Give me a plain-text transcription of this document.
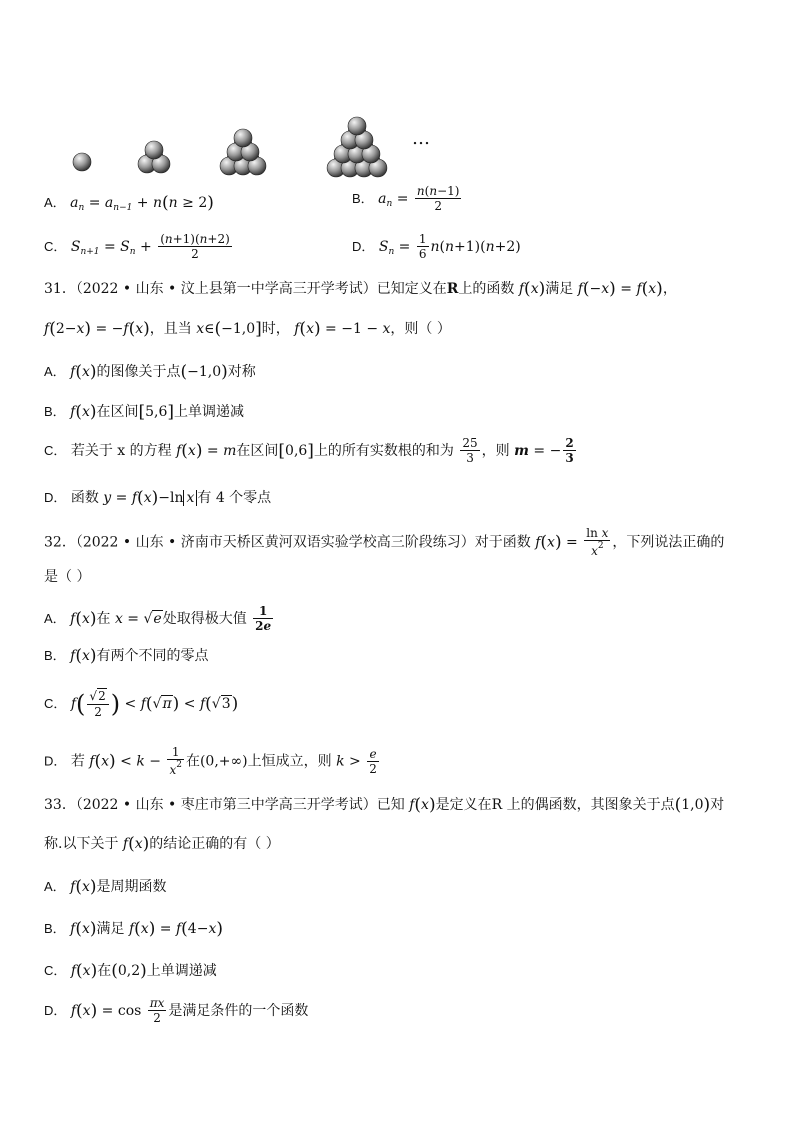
…
A． $a_n = a_{n-1} + n(n \ge 2)$	B． $a_n = \frac{n(n-1)}{2}$
C． $S_{n+1} = S_n + \frac{(n+1)(n+2)}{2}$	D． $S_n = \frac{1}{6} n(n+1)(n+2)$
31．（2022 • 山东 • 汶上县第一中学高三开学考试）已知定义在R上的函数 f(x)满足 f(−x) = f(x)，
f(2−x) = −f(x)，且当 x∈(−1,0]时， f(x) = −1 − x，则（ ）
A． f(x)的图像关于点(−1,0)对称
B． f(x)在区间[5,6]上单调递减
C． 若关于 x 的方程 f(x) = m在区间[0,6]上的所有实数根的和为 $\frac{25}{3}$ ，则 m = − $\frac{2}{3}$
D． 函数 y = f(x)−ln x 有 4 个零点
32．（2022 • 山东 • 济南市天桥区黄河双语实验学校高三阶段练习）对于函数 $f(x) = \frac{\text{ln x}}{x^2}$ ，下列说法正确的
是（ ）
A． f(x)在 x = √e处取得极大值 $\frac{1}{2e}$
B． f(x)有两个不同的零点
C． $f( \frac{√2}{2}$ ) < f(√π) < f(√3)
D． 若 $f(x) < k - \frac{1}{x^2}$ 在(0,+∞)上恒成立，则 $k > \frac{e}{2}$
33．（2022 • 山东 • 枣庄市第三中学高三开学考试）已知 f(x)是定义在R 上的偶函数，其图象关于点(1,0)对
称.以下关于 f(x)的结论正确的有（ ）
A． f(x)是周期函数
B． f(x)满足 f(x) = f(4−x)
C． f(x)在(0,2)上单调递减
D． $f(x) = \cos \frac{\pi x}{2}$ 是满足条件的一个函数
